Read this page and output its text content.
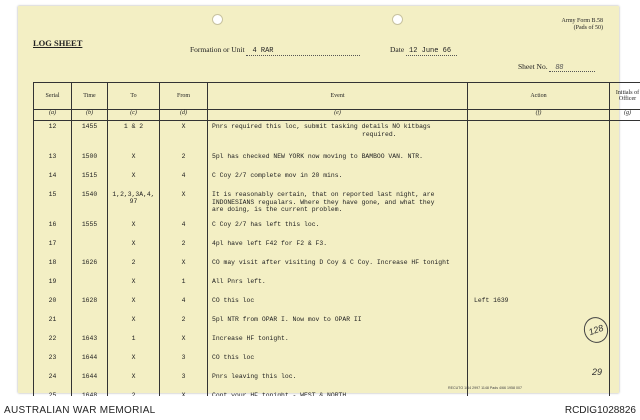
LOG SHEET
Army Form B.58
(Pads of 50)
Formation or Unit 4 RAR	Date 12 June 66
Sheet No. 88
Serial	Time	To	From	Event	Action	Initials of Officer
(a)	(b)	(c)	(d)	(e)	(f)	(g)
12	1455	1 & 2	X	Pnrs required this loc, submit tasking details NO kitbags
required.		

13	1500	X	2	5pl has checked NEW YORK now moving to BAMBOO VAN. NTR.		

14	1515	X	4	C Coy 2/7 complete mov in 20 mins.		

15	1540	1,2,3,3A,4, 97	X	It is reasonably certain, that on reported last night, are
INDONESIANS regualars. Where they have gone, and what they
are doing, is the current problem.		

16	1555	X	4	C Coy 2/7 has left this loc.		

17		X	2	4pl have left F42 for F2 & F3.		

18	1626	2	X	CO may visit after visiting D Coy & C Coy. Increase HF tonight		

19		X	1	All Pnrs left.		

20	1628	X	4	CO this loc	Left 1639	
21		X	2	5pl NTR from OPAR I. Now mov to OPAR II		

22	1643	1	X	Increase HF tonight.		

23	1644	X	3	CO this loc		

24	1644	X	3	Pnrs leaving this loc.		

128
29
RECUTO 1/64 2997 1148 Pads 4/66 1958 007
AUSTRALIAN WAR MEMORIAL	RCDIG1028826
